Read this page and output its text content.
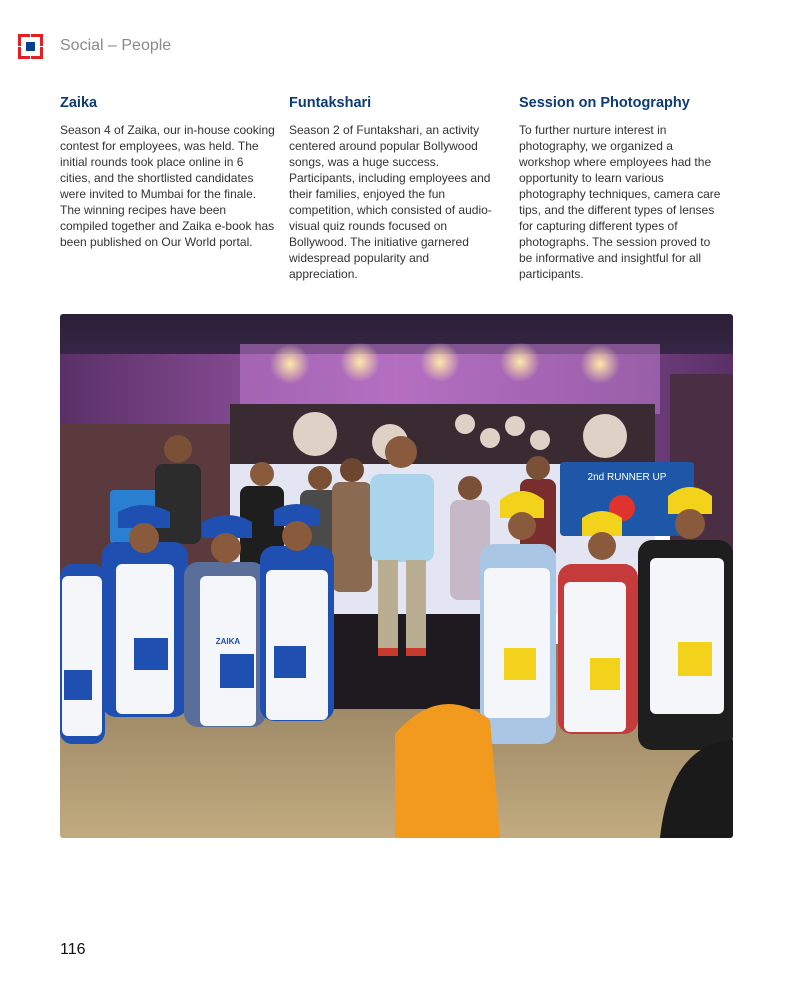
Social – People
Zaika

Season 4 of Zaika, our in-house cooking contest for employees, was held. The initial rounds took place online in 6 cities, and the shortlisted candidates were invited to Mumbai for the finale. The winning recipes have been compiled together and Zaika e-book has been published on Our World portal.

Funtakshari

Season 2 of Funtakshari, an activity centered around popular Bollywood songs, was a huge success. Participants, including employees and their families, enjoyed the fun competition, which consisted of audio-visual quiz rounds focused on Bollywood. The initiative garnered widespread popularity and appreciation.

Session on Photography

To further nurture interest in photography, we organized a workshop where employees had the opportunity to learn various photography techniques, camera care tips, and the different types of lenses for capturing different types of photographs. The session proved to be informative and insightful for all participants.

2nd RUNNER UP
ZAIKA
116
